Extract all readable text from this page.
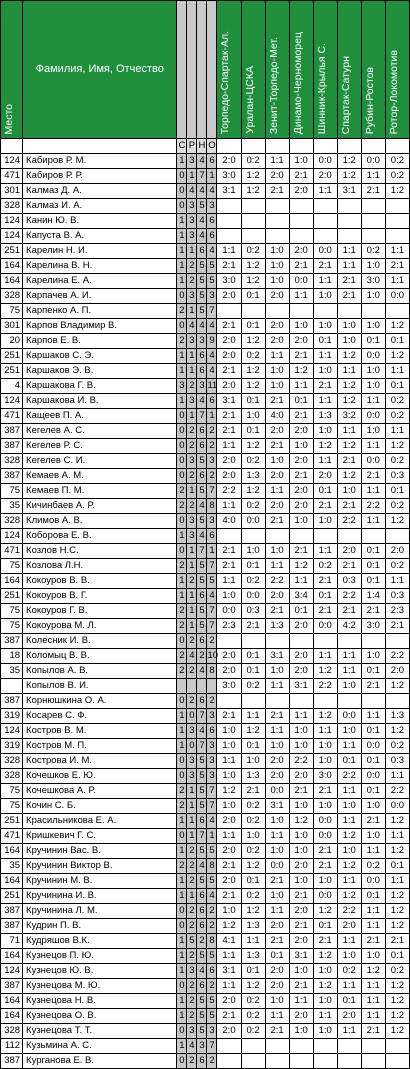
Место	Фамилия, Имя, Отчество					Торпедо-Спартак-Ал.	Уралан-ЦСКА	Зенит-Торпедо-Мет.	Динамо-Черноморец	Шинник-Крылья С.	Спартак-Сатурн	Рубин-Ростов	Ротор-Локомотив

		С	Р	Н	О								
124	Кабиров Р. М.	1	3	4	6	2:0	0:2	1:1	1:0	0:0	1:2	0:0	0:2
471	Кабиров Р. Р.	0	1	7	1	3:0	1:2	2:0	2:1	2:0	1:2	1:1	0:2
301	Калмаз Д. А.	0	4	4	4	3:1	1:2	2:1	2:0	1:1	3:1	2:1	1:2
328	Калмаз И. А.	0	3	5	3								
124	Канин Ю. В.	1	3	4	6								
124	Капуста В. А.	1	3	4	6								
251	Карелин Н. И.	1	1	6	4	1:1	0:2	1:0	2:0	0:0	1:1	0:2	1:1
164	Карелина В. Н.	1	2	5	5	2:1	1:2	1:0	2:1	2:1	1:1	1:0	2:1
164	Карелина Е. А.	1	2	5	5	3:0	1:2	1:0	0:0	1:1	2:1	3:0	1:1
328	Карпачев А. И.	0	3	5	3	2:0	0:1	2:0	1:1	1:0	2:1	1:0	0:0
75	Карпенко А. П.	2	1	5	7								
301	Карпов Владимир В.	0	4	4	4	2:1	0:1	2:0	1:0	1:0	1:0	1:0	1:2
20	Карпов Е. В.	2	3	3	9	2:0	1:2	2:0	2:0	0:1	1:0	0:1	0:1
251	Каршаков С. Э.	1	1	6	4	2:0	0:2	1:1	2:1	1:1	1:2	0:0	1:2
251	Каршаков Э. В.	1	1	6	4	2:1	1:2	1:0	1:2	1:0	1:1	1:0	1:1
4	Каршакова Г. В.	3	2	3	11	2:0	1:2	1:0	1:1	2:1	1:2	1:0	0:1
124	Каршакова И. В.	1	3	4	6	3:1	0:1	2:1	0:1	1:1	1:2	1:1	0:2
471	Кащеев П. А.	0	1	7	1	2:1	1:0	4:0	2:1	1:3	3:2	0:0	0:2
387	Кегелев А. С.	0	2	6	2	2:1	0:1	2:0	2:0	1:0	1:1	1:0	1:1
387	Кегелев Р. С.	0	2	6	2	1:1	1:2	2:1	1:0	1:2	1:2	1:1	1:2
328	Кегелев С. И.	0	3	5	3	2:0	0:2	1:0	2:0	1:1	2:1	0:0	0:2
387	Кемаев А. М.	0	2	6	2	2:0	1:3	2:0	2:1	2:0	1:2	2:1	0:3
75	Кемаев П. М.	2	1	5	7	2:2	1:2	1:1	2:0	0:1	1:0	1:1	0:1
35	Кичинбаев А. Р.	2	2	4	8	1:1	0:2	2:0	2:0	2:1	2:1	2:2	0:2
328	Климов А. В.	0	3	5	3	4:0	0:0	2:1	1:0	1:0	2:2	1:1	1:2
124	Коборова Е. В.	1	3	4	6								
471	Козлов Н.С.	0	1	7	1	2:1	1:0	1:0	2:1	1:1	2:0	0:1	2:0
75	Козлова Л.Н.	2	1	5	7	2:1	0:1	1:1	1:2	0:2	2:1	0:1	0:2
164	Кокоуров В. В.	1	2	5	5	1:1	0:2	2:2	1:1	2:1	0:3	0:1	1:1
251	Кокоуров В. Г.	1	1	6	4	1:0	0:0	2:0	3:4	0:1	2:2	1:4	0:3
75	Кокоуров Г. В.	2	1	5	7	0:0	0:3	2:1	0:1	2:1	2:1	2:1	2:3
75	Кокоурова М. Л.	2	1	5	7	2:3	2:1	1:3	2:0	0:0	4:2	3:0	2:1
387	Колесник И. В.	0	2	6	2								
18	Коломыц В. В.	2	4	2	10	2:0	0:1	3:1	2:0	1:1	1:1	1:0	2:2
35	Копылов А. В.	2	2	4	8	2:0	0:1	1:0	2:0	1:2	1:1	0:1	2:0
	Копылов В. И.					3:0	0:2	1:1	3:1	2:2	1:0	2:1	1:2
387	Корнюшкина О. А.	0	2	6	2								
319	Косарев С. Ф.	1	0	7	3	2:1	1:1	2:1	1:1	1:2	0:0	1:1	1:3
124	Костров В. М.	1	3	4	6	1:0	1:2	1:1	1:0	1:1	1:0	0:1	1:2
319	Костров М. П.	1	0	7	3	1:0	0:1	1:0	1:0	1:0	1:1	0:0	0:2
328	Кострова И. М.	0	3	5	3	1:1	1:0	2:0	2:2	1:0	0:1	0:1	0:3
328	Кочешков Е. Ю.	0	3	5	3	1:0	1:3	2:0	2:0	3:0	2:2	0:0	1:1
75	Кочешкова А. Р.	2	1	5	7	1:2	2:1	0:0	2:1	2:1	1:1	0:1	2:2
75	Кочин С. Б.	2	1	5	7	1:0	0:2	3:1	1:0	1:0	1:0	1:0	0:0
251	Красильникова Е. А.	1	1	6	4	2:0	0:2	1:0	1:2	0:0	1:1	2:1	1:2
471	Кришкевич Г. С.	0	1	7	1	1:1	1:0	1:1	1:0	0:0	1:2	1:0	1:1
164	Кручинин Вас. В.	1	2	5	5	2:0	0:2	1:0	1:0	2:1	1:0	1:1	1:2
35	Кручинин Виктор В.	2	2	4	8	2:1	1:2	0:0	2:0	2:1	1:2	0:2	0:1
164	Кручинин М. В.	1	2	5	5	2:0	0:1	2:1	1:0	1:0	1:1	0:0	1:1
251	Кручинина И. В.	1	1	6	4	2:1	0:2	1:0	2:1	0:0	1:2	0:1	1:2
387	Кручинина Л. М.	0	2	6	2	1:0	1:2	1:1	2:0	1:2	2:2	1:1	1:2
387	Кудрин П. В.	0	2	6	2	1:2	1:3	2:0	2:1	0:1	2:0	1:1	1:2
71	Кудряшов В.К.	1	5	2	8	4:1	1:1	2:1	2:0	2:1	1:1	2:1	2:1
164	Кузнецов П. Ю.	1	2	5	5	1:1	1:3	0:1	3:1	1:2	1:0	1:0	0:1
124	Кузнецов Ю. В.	1	3	4	6	3:1	0:1	2:0	1:0	1:0	0:2	1:2	0:2
387	Кузнецова М. Ю.	0	2	6	2	1:1	1:2	2:0	2:1	1:2	1:1	1:1	1:2
164	Кузнецова Н. В.	1	2	5	5	2:0	0:2	1:0	1:1	1:0	0:1	1:1	1:2
164	Кузнецова О. В.	1	2	5	5	2:1	0:2	1:1	2:0	1:1	2:0	1:1	1:2
328	Кузнецова Т. Т.	0	3	5	3	2:0	0:2	2:1	1:0	1:0	1:1	2:1	1:2
112	Кузьмина А. С.	1	4	3	7								
387	Курганова Е. В.	0	2	6	2								
